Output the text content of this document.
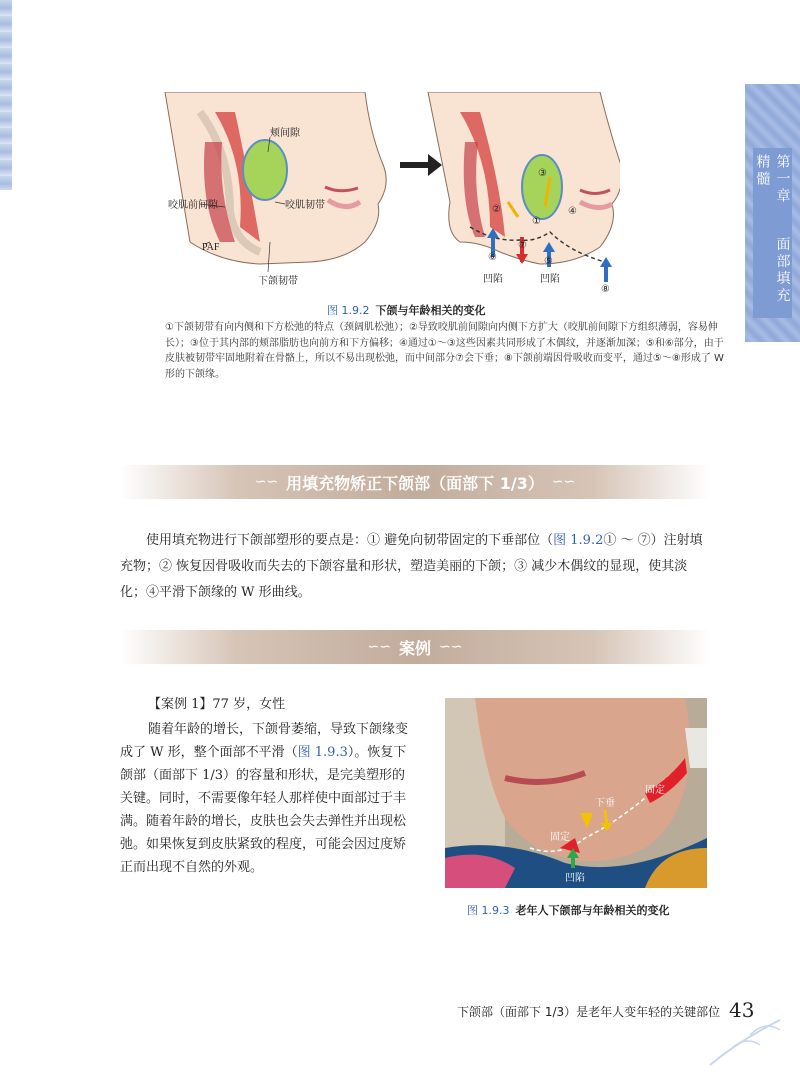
第一章   面部填充精髓
颊间隙
咬肌前间隙	咬肌韧带
PAF
下颌韧带
①
②
③
④
⑤
⑥
⑦
⑧
凹陷	凹陷
图 1.9.2 下颌与年龄相关的变化

①下颌韧带有向内侧和下方松弛的特点（颈阔肌松弛）；②导致咬肌前间隙向内侧下方扩大（咬肌前间隙下方组织薄弱，容易伸长）；③位于其内部的颊部脂肪也向前方和下方偏移；④通过①～③这些因素共同形成了木偶纹，并逐渐加深；⑤和⑥部分，由于皮肤被韧带牢固地附着在骨骼上，所以不易出现松弛，而中间部分⑦会下垂；⑧下颌前端因骨吸收而变平，通过⑤～⑧形成了 W 形的下颌缘。

∽∽ 用填充物矫正下颌部（面部下 1/3） ∽∽

使用填充物进行下颌部塑形的要点是：① 避免向韧带固定的下垂部位（图 1.9.2① ～ ⑦）注射填充物；② 恢复因骨吸收而失去的下颌容量和形状，塑造美丽的下颌；③ 减少木偶纹的显现，使其淡化；④平滑下颌缘的 W 形曲线。

∽∽ 案例 ∽∽
【案例 1】77 岁，女性

随着年龄的增长，下颌骨萎缩，导致下颌缘变成了 W 形，整个面部不平滑（图 1.9.3）。恢复下颌部（面部下 1/3）的容量和形状，是完美塑形的关键。同时，不需要像年轻人那样使中面部过于丰满。随着年龄的增长，皮肤也会失去弹性并出现松弛。如果恢复到皮肤紧致的程度，可能会因过度矫正而出现不自然的外观。

固定
下垂
固定
凹陷
图 1.9.3 老年人下颌部与年龄相关的变化
下颌部（面部下 1/3）是老年人变年轻的关键部位 43
